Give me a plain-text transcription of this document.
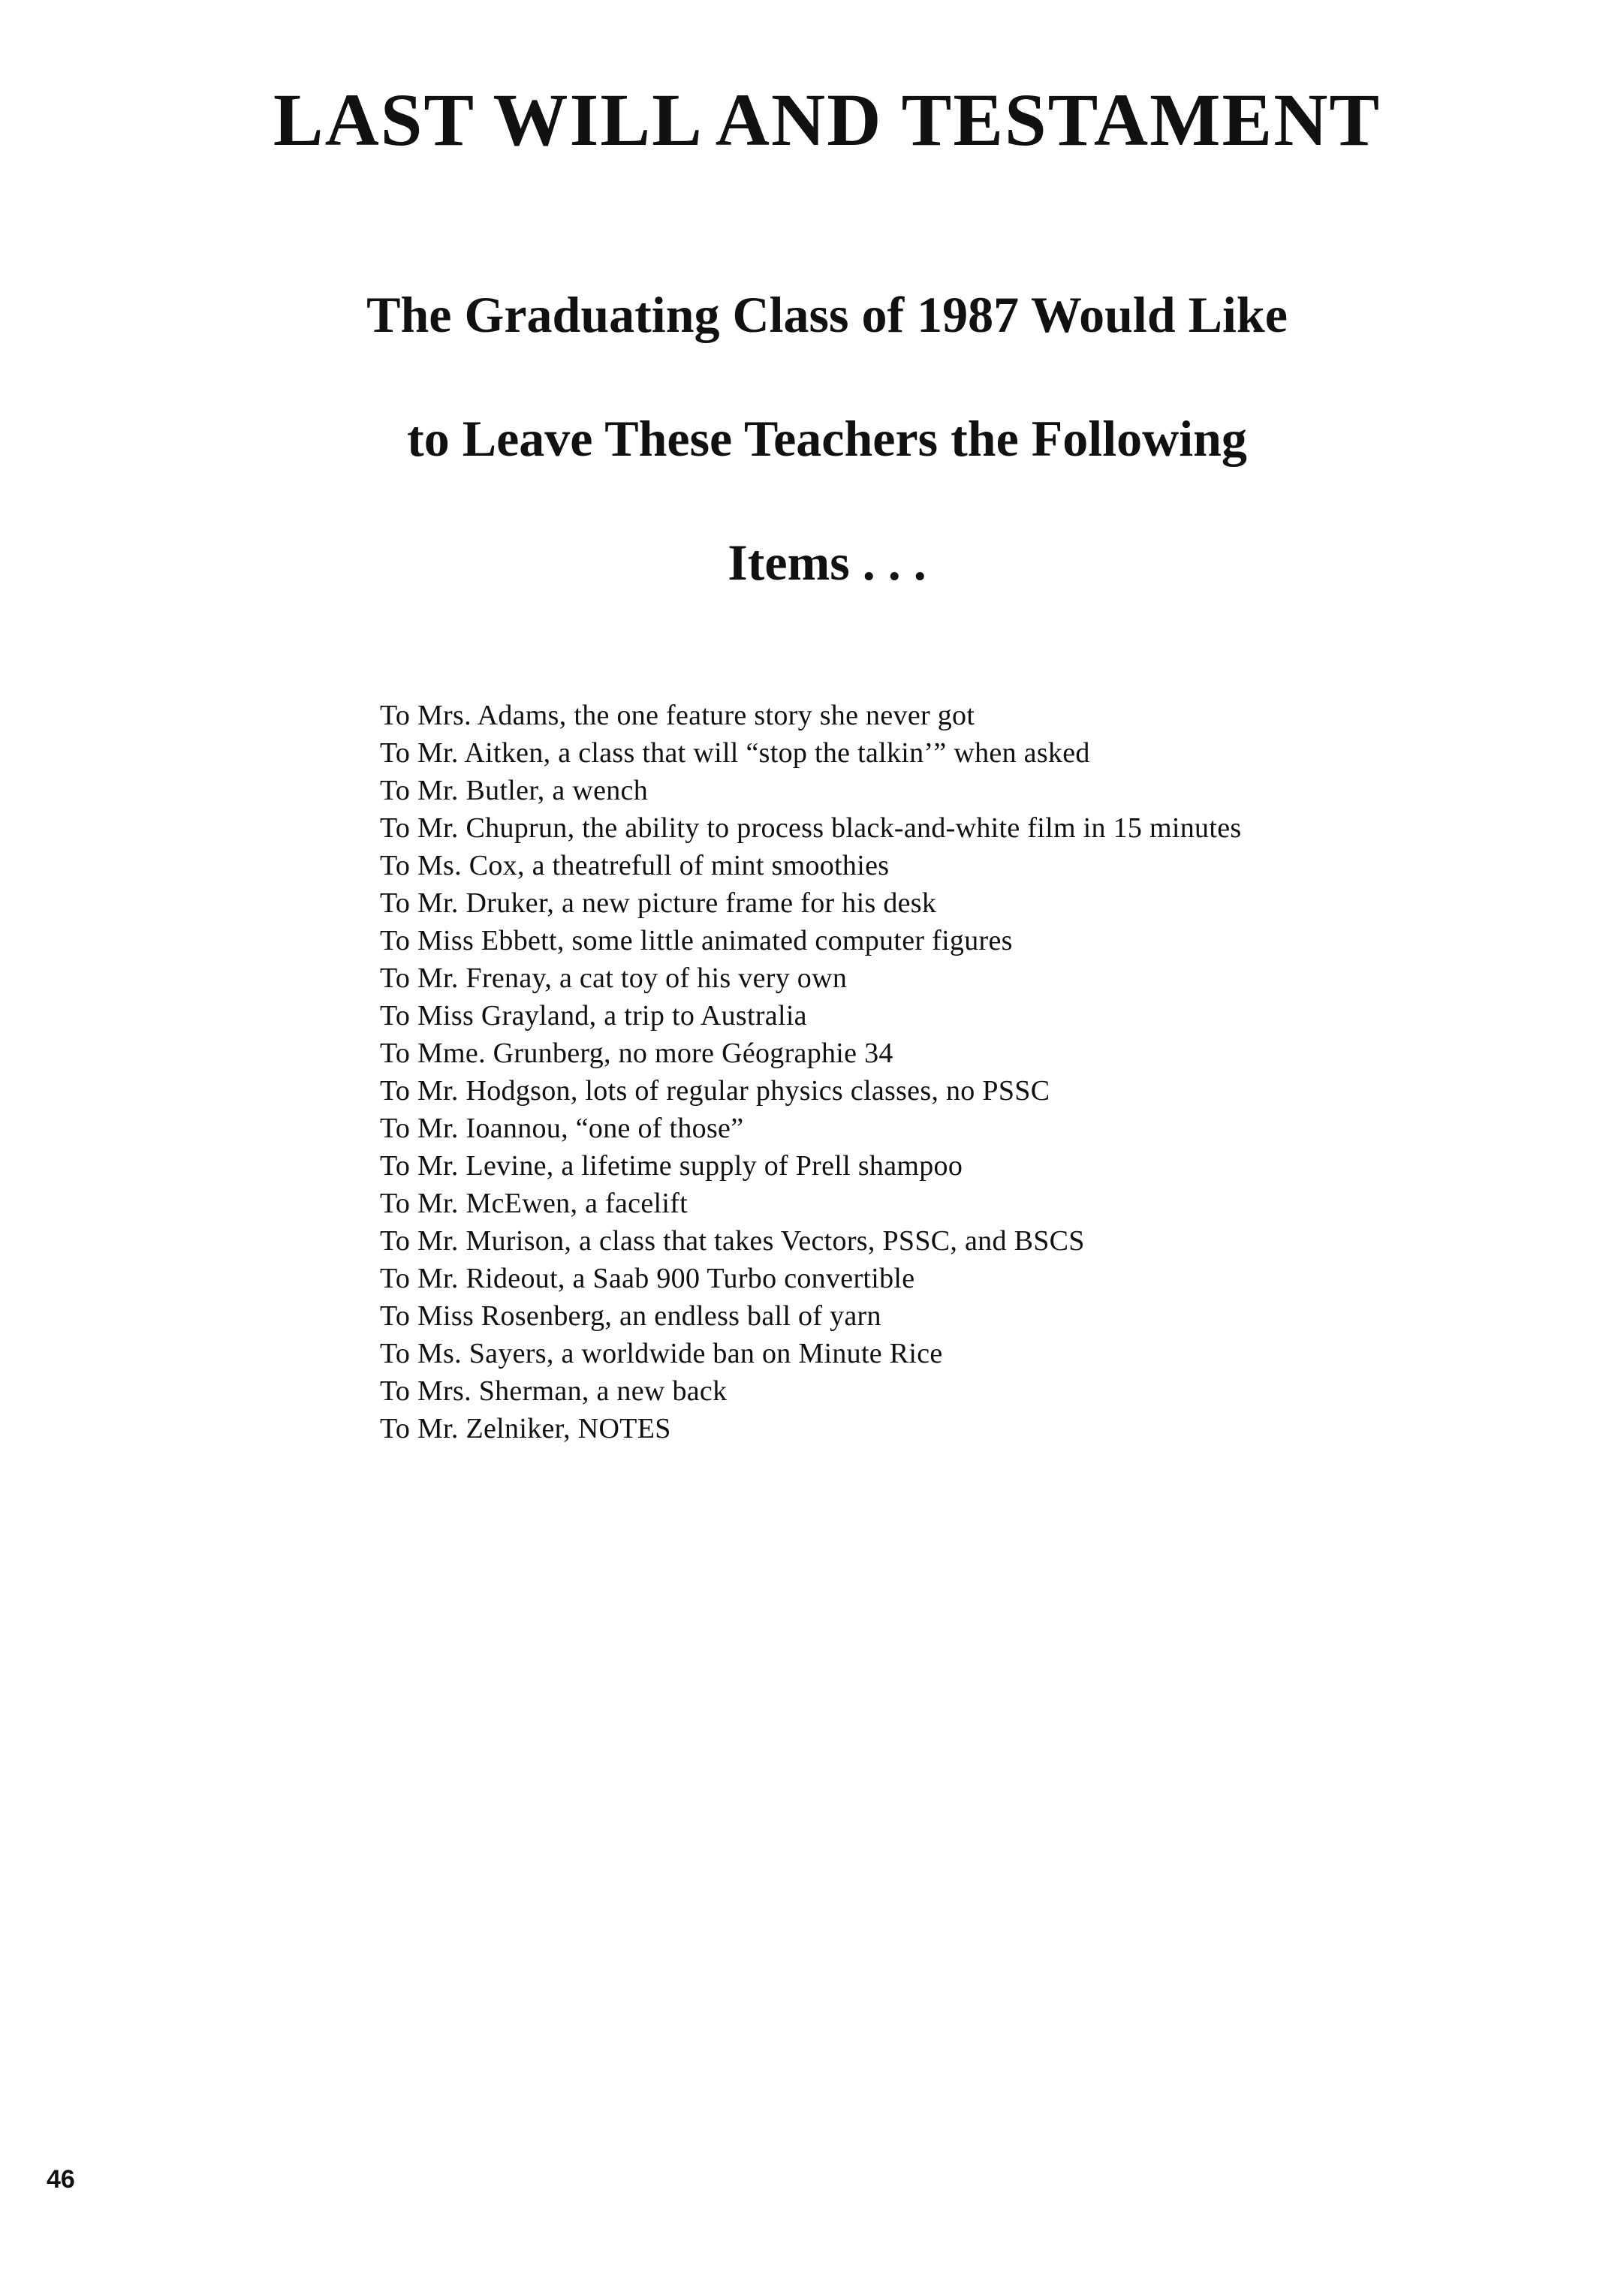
LAST WILL AND TESTAMENT
The Graduating Class of 1987 Would Like
to Leave These Teachers the Following
Items . . .
To Mrs. Adams, the one feature story she never got
To Mr. Aitken, a class that will “stop the talkin’” when asked
To Mr. Butler, a wench
To Mr. Chuprun, the ability to process black-and-white film in 15 minutes
To Ms. Cox, a theatrefull of mint smoothies
To Mr. Druker, a new picture frame for his desk
To Miss Ebbett, some little animated computer figures
To Mr. Frenay, a cat toy of his very own
To Miss Grayland, a trip to Australia
To Mme. Grunberg, no more Géographie 34
To Mr. Hodgson, lots of regular physics classes, no PSSC
To Mr. Ioannou, “one of those”
To Mr. Levine, a lifetime supply of Prell shampoo
To Mr. McEwen, a facelift
To Mr. Murison, a class that takes Vectors, PSSC, and BSCS
To Mr. Rideout, a Saab 900 Turbo convertible
To Miss Rosenberg, an endless ball of yarn
To Ms. Sayers, a worldwide ban on Minute Rice
To Mrs. Sherman, a new back
To Mr. Zelniker, NOTES
46
